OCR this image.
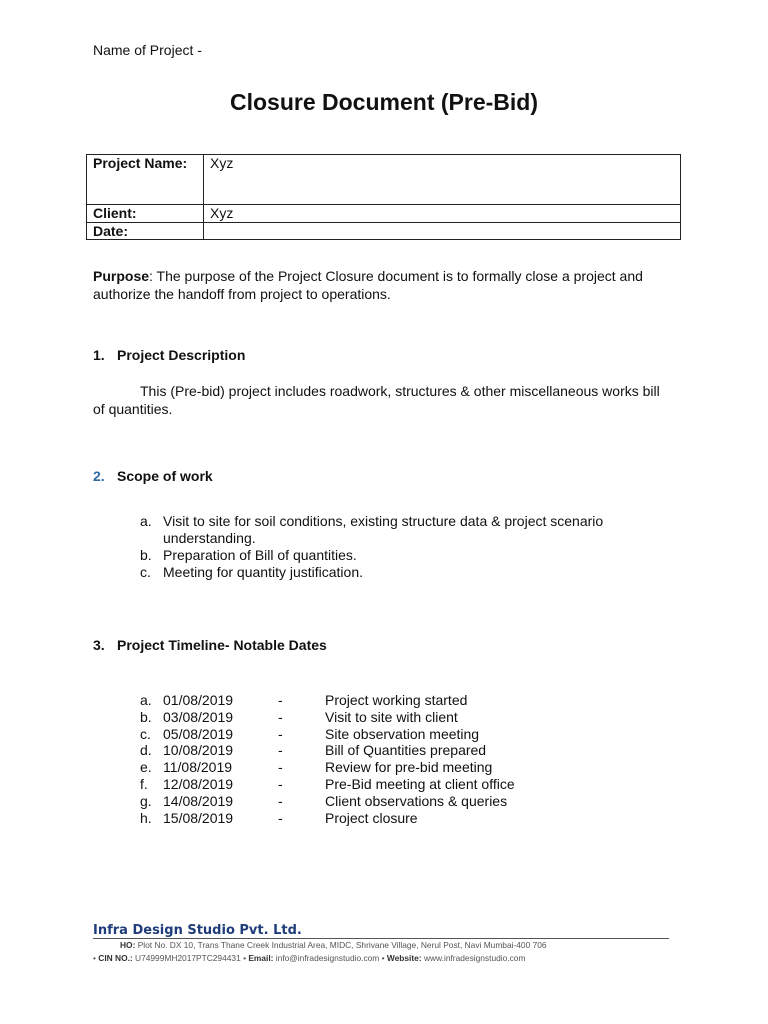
Name of Project -
Closure Document (Pre-Bid)
Project Name:	Xyz
Client:	Xyz
Date:	
Purpose: The purpose of the Project Closure document is to formally close a project and authorize the handoff from project to operations.
1. Project Description
This (Pre-bid) project includes roadwork, structures & other miscellaneous works bill of quantities.
2. Scope of work
a. Visit to site for soil conditions, existing structure data & project scenario understanding.
b. Preparation of Bill of quantities.
c. Meeting for quantity justification.
3. Project Timeline- Notable Dates
a. 01/08/2019	-	Project working started
b. 03/08/2019	-	Visit to site with client
c. 05/08/2019	-	Site observation meeting
d. 10/08/2019	-	Bill of Quantities prepared
e. 11/08/2019	-	Review for pre-bid meeting
f.	12/08/2019	-	Pre-Bid meeting at client office
g. 14/08/2019	-	Client observations & queries
h. 15/08/2019	-	Project closure
Infra Design Studio Pvt. Ltd.
HO: Plot No. DX 10, Trans Thane Creek Industrial Area, MIDC, Shrivane Village, Nerul Post, Navi Mumbai-400 706
• CIN NO.: U74999MH2017PTC294431 • Email: info@infradesignstudio.com • Website: www.infradesignstudio.com
